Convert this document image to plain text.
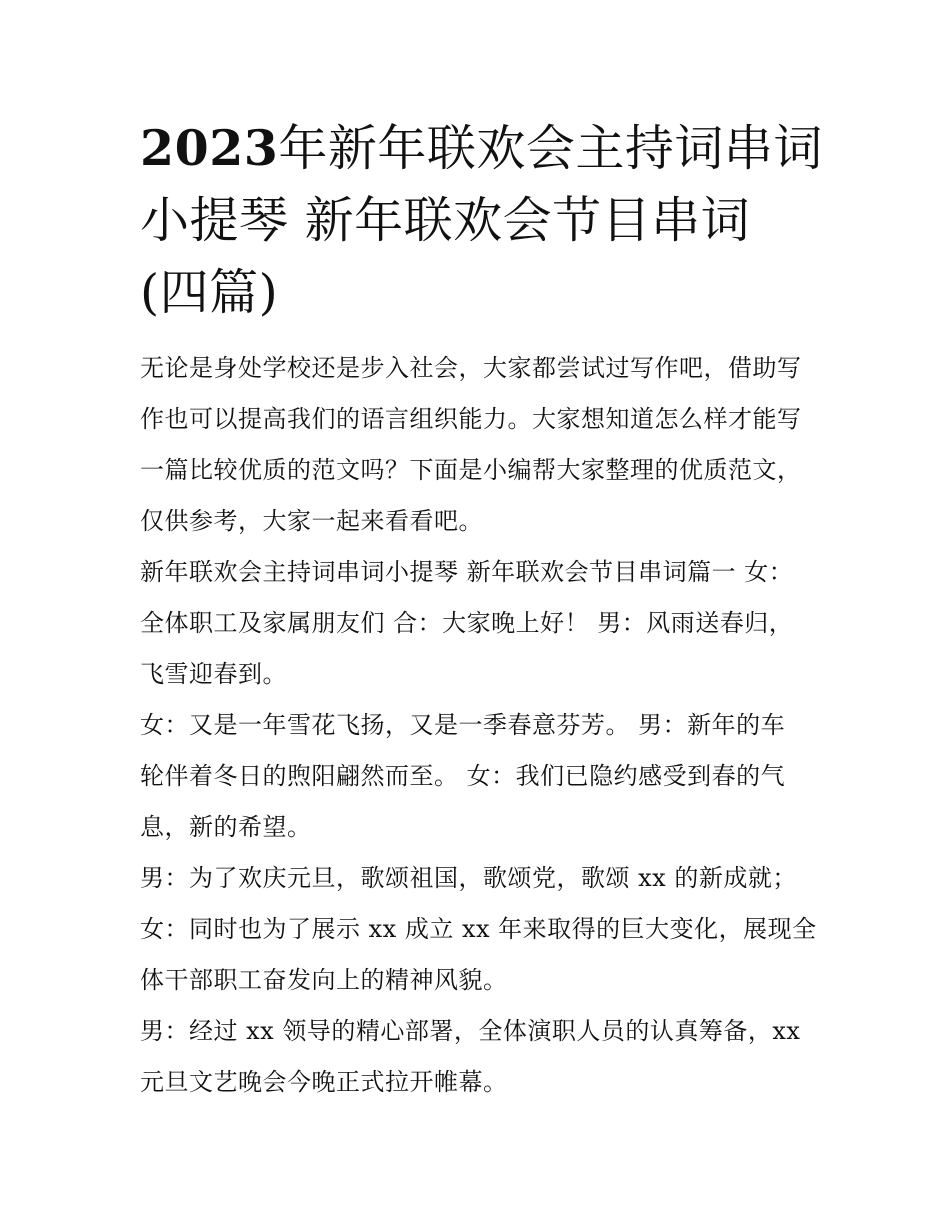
2023年新年联欢会主持词串词
小提琴 新年联欢会节目串词
(四篇)

无论是身处学校还是步入社会，大家都尝试过写作吧，借助写
作也可以提高我们的语言组织能力。大家想知道怎么样才能写
一篇比较优质的范文吗？下面是小编帮大家整理的优质范文，
仅供参考，大家一起来看看吧。

新年联欢会主持词串词小提琴 新年联欢会节目串词篇一 女：
全体职工及家属朋友们 合：大家晚上好！ 男：风雨送春归，
飞雪迎春到。

女：又是一年雪花飞扬，又是一季春意芬芳。 男：新年的车
轮伴着冬日的煦阳翩然而至。 女：我们已隐约感受到春的气
息，新的希望。

男：为了欢庆元旦，歌颂祖国，歌颂党，歌颂 xx 的新成就；

女：同时也为了展示 xx 成立 xx 年来取得的巨大变化，展现全
体干部职工奋发向上的精神风貌。

男：经过 xx 领导的精心部署，全体演职人员的认真筹备，xx
元旦文艺晚会今晚正式拉开帷幕。
